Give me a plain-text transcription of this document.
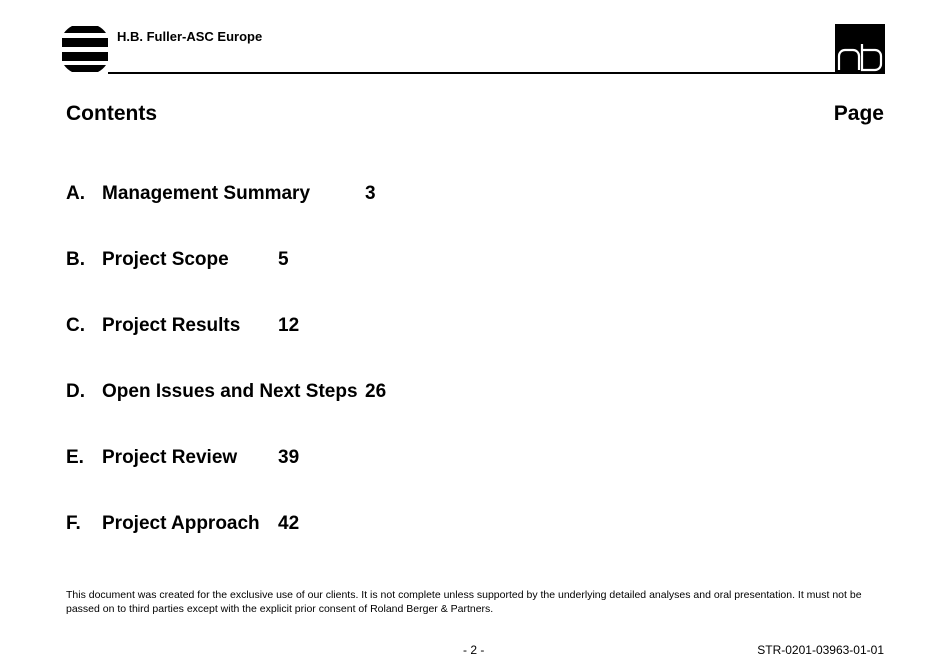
H.B. Fuller-ASC Europe
Contents	Page
A. Management Summary	3
B. Project Scope	5
C. Project Results 12
D. Open Issues and Next Steps 26
E. Project Review 39
F. Project Approach 42
This document was created for the exclusive use of our clients. It is not complete unless supported by the underlying detailed analyses and oral presentation. It must not be passed on to third parties except with the explicit prior consent of Roland Berger & Partners.
- 2 -	STR-0201-03963-01-01
